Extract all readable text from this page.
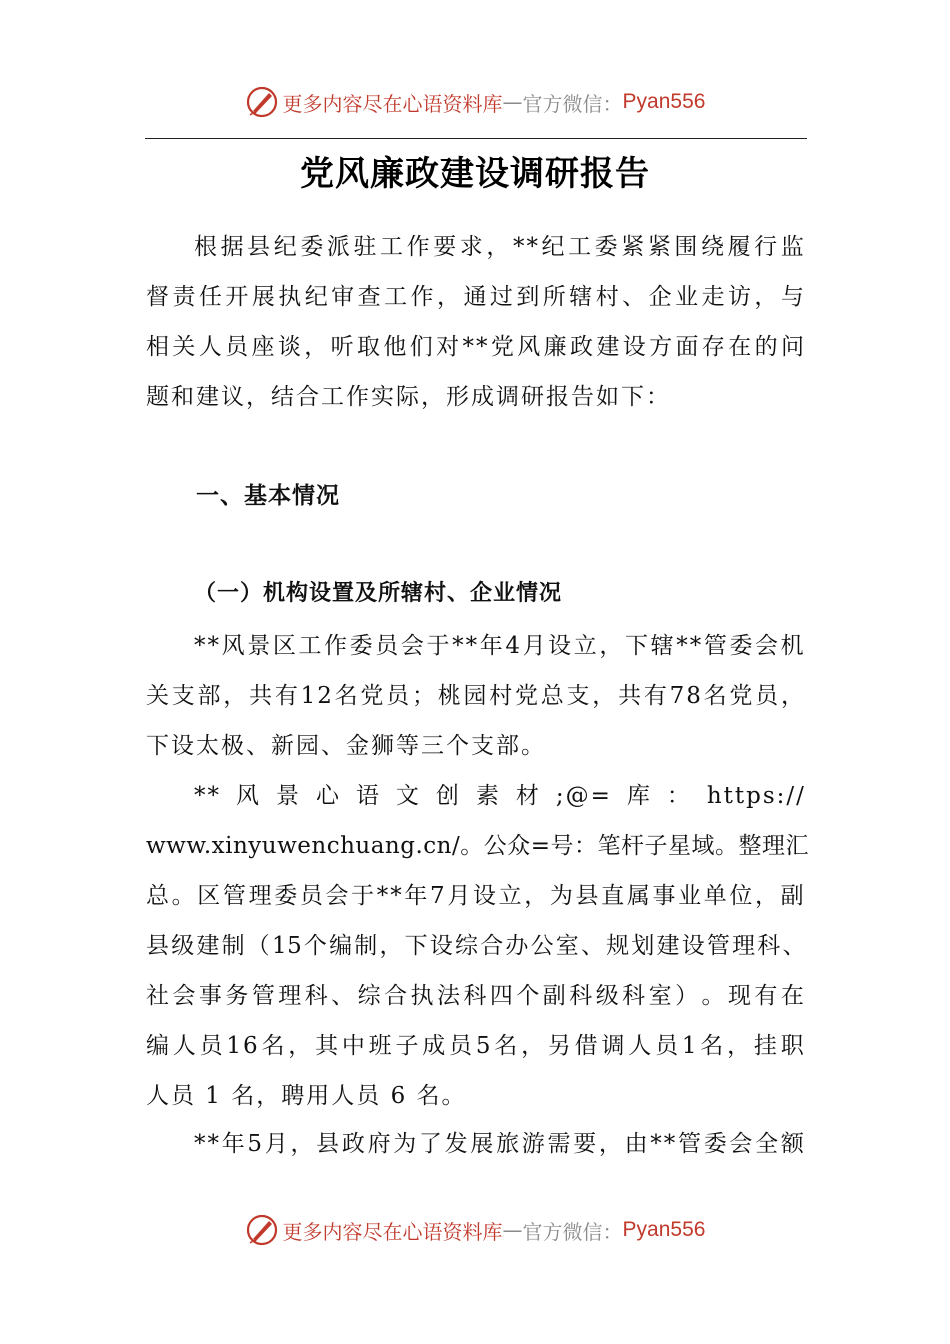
更多内容尽在心语资料库 — 官方微信： Pyan556
党风廉政建设调研报告
根 据 县 纪 委 派 驻 工 作 要 求 ， ** 纪 工 委 紧 紧 围 绕 履 行 监
督 责 任 开 展 执 纪 审 查 工 作 ， 通 过 到 所 辖 村 、 企 业 走 访 ， 与
相 关 人 员 座 谈 ， 听 取 他 们 对 ** 党 风 廉 政 建 设 方 面 存 在 的 问
题和建议，结合工作实际，形成调研报告如下：
一、基本情况
（一）机构设置及所辖村、企业情况
** 风 景 区 工 作 委 员 会 于 ** 年 4 月 设 立 ， 下 辖 ** 管 委 会 机
关 支 部 ， 共 有 12 名 党 员 ； 桃 园 村 党 总 支 ， 共 有 78 名 党 员 ，
下设太极、新园、金狮等三个支部。
** 风 景 心 语 文 创 素 材 ;@= 库 ： https://
www.xinyuwenchuang.cn/ 。 公 众 = 号 ： 笔 杆 子 星 域 。 整 理 汇
总 。 区 管 理 委 员 会 于 ** 年 7 月 设 立 ， 为 县 直 属 事 业 单 位 ， 副
县 级 建 制 （ 15 个 编 制 ， 下 设 综 合 办 公 室 、 规 划 建 设 管 理 科 、
社 会 事 务 管 理 科 、 综 合 执 法 科 四 个 副 科 级 科 室 ） 。 现 有 在
编 人 员 16 名 ， 其 中 班 子 成 员 5 名 ， 另 借 调 人 员 1 名 ， 挂 职
人员 1 名，聘用人员 6 名。
** 年 5 月 ， 县 政 府 为 了 发 展 旅 游 需 要 ， 由 ** 管 委 会 全 额
更多内容尽在心语资料库 — 官方微信： Pyan556
